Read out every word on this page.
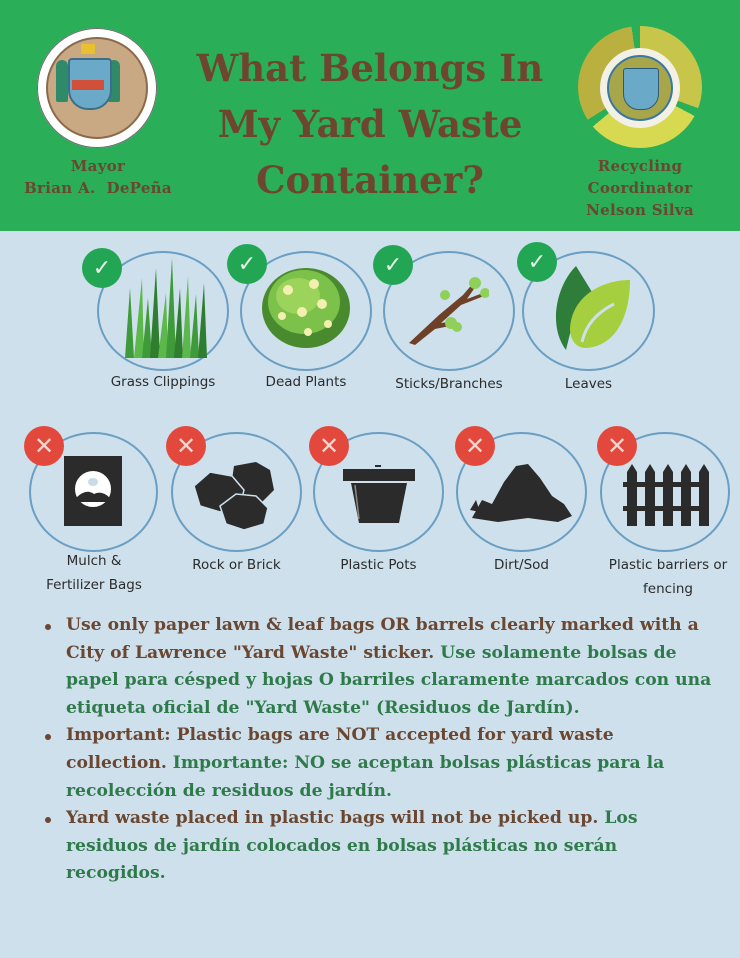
Mayor
Brian A.  DePeña
What Belongs In
My Yard Waste
Container?	Recycling
Coordinator
Nelson Silva
✓
Grass Clippings
✓
Dead Plants
✓
Sticks/Branches
✓
Leaves
✕
Mulch &
Fertilizer Bags
✕
Rock or Brick
✕
Plastic Pots
✕
Dirt/Sod
✕
Plastic barriers or
fencing
Use only paper lawn & leaf bags OR barrels clearly marked with a City of Lawrence "Yard Waste" sticker. Use solamente bolsas de papel para césped y hojas O barriles claramente marcados con una etiqueta oficial de "Yard Waste" (Residuos de Jardín).
Important: Plastic bags are NOT accepted for yard waste collection. Importante: NO se aceptan bolsas plásticas para la recolección de residuos de jardín.
Yard waste placed in plastic bags will not be picked up. Los residuos de jardín colocados en bolsas plásticas no serán recogidos.
